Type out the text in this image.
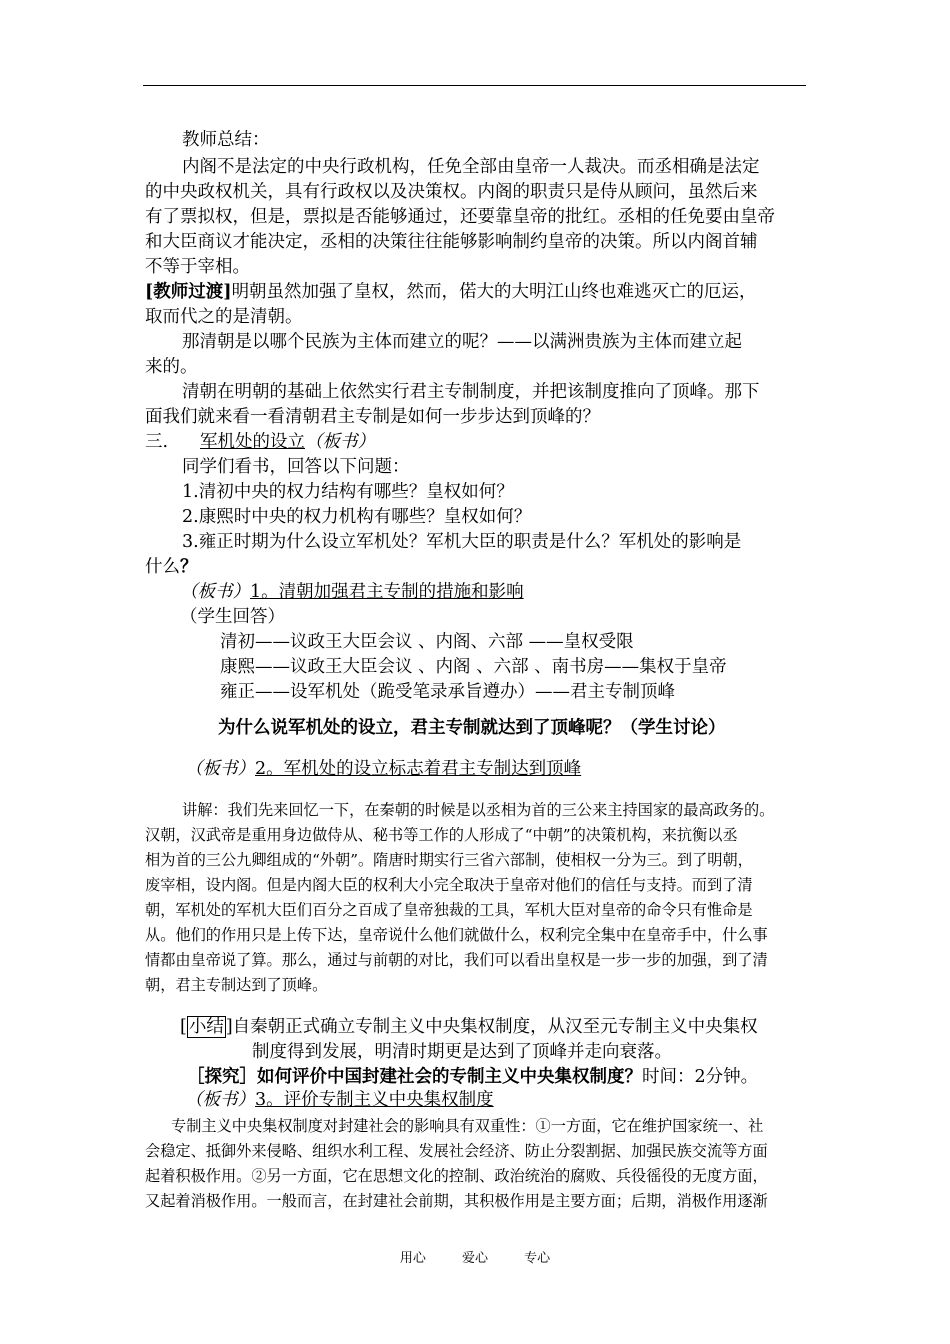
教师总结：
内阁不是法定的中央行政机构，任免全部由皇帝一人裁决。而丞相确是法定
的中央政权机关，具有行政权以及决策权。内阁的职责只是侍从顾问，虽然后来
有了票拟权，但是，票拟是否能够通过，还要靠皇帝的批红。丞相的任免要由皇帝
和大臣商议才能决定，丞相的决策往往能够影响制约皇帝的决策。所以内阁首辅
不等于宰相。
[教师过渡]明朝虽然加强了皇权，然而，偌大的大明江山终也难逃灭亡的厄运，
取而代之的是清朝。
那清朝是以哪个民族为主体而建立的呢？——以满洲贵族为主体而建立起
来的。
清朝在明朝的基础上依然实行君主专制制度，并把该制度推向了顶峰。那下
面我们就来看一看清朝君主专制是如何一步步达到顶峰的？
三. 军机处的设立（板书）
同学们看书，回答以下问题：
1.清初中央的权力结构有哪些？皇权如何？
2.康熙时中央的权力机构有哪些？皇权如何？
3.雍正时期为什么设立军机处？军机大臣的职责是什么？军机处的影响是
什么？
（板书）1。清朝加强君主专制的措施和影响
（学生回答）
清初——议政王大臣会议 、内阁、六部 ——皇权受限
康熙——议政王大臣会议 、内阁 、六部 、南书房——集权于皇帝
雍正——设军机处（跪受笔录承旨遵办）——君主专制顶峰
为什么说军机处的设立，君主专制就达到了顶峰呢？（学生讨论）
（板书）2。军机处的设立标志着君主专制达到顶峰
讲解：我们先来回忆一下，在秦朝的时候是以丞相为首的三公来主持国家的最高政务的。
汉朝，汉武帝是重用身边做侍从、秘书等工作的人形成了“中朝”的决策机构，来抗衡以丞
相为首的三公九卿组成的“外朝”。隋唐时期实行三省六部制，使相权一分为三。到了明朝，
废宰相，设内阁。但是内阁大臣的权利大小完全取决于皇帝对他们的信任与支持。而到了清
朝，军机处的军机大臣们百分之百成了皇帝独裁的工具，军机大臣对皇帝的命令只有惟命是
从。他们的作用只是上传下达，皇帝说什么他们就做什么，权利完全集中在皇帝手中，什么事
情都由皇帝说了算。那么，通过与前朝的对比，我们可以看出皇权是一步一步的加强，到了清
朝，君主专制达到了顶峰。
[ 小结 ]自秦朝正式确立专制主义中央集权制度，从汉至元专制主义中央集权
制度得到发展，明清时期更是达到了顶峰并走向衰落。
［探究］如何评价中国封建社会的专制主义中央集权制度？时间：2分钟。
（板书）3。评价专制主义中央集权制度
专制主义中央集权制度对封建社会的影响具有双重性：①一方面，它在维护国家统一、社
会稳定、抵御外来侵略、组织水利工程、发展社会经济、防止分裂割据、加强民族交流等方面
起着积极作用。②另一方面，它在思想文化的控制、政治统治的腐败、兵役徭役的无度方面，
又起着消极作用。一般而言，在封建社会前期，其积极作用是主要方面；后期，消极作用逐渐
用心	爱心	专心
